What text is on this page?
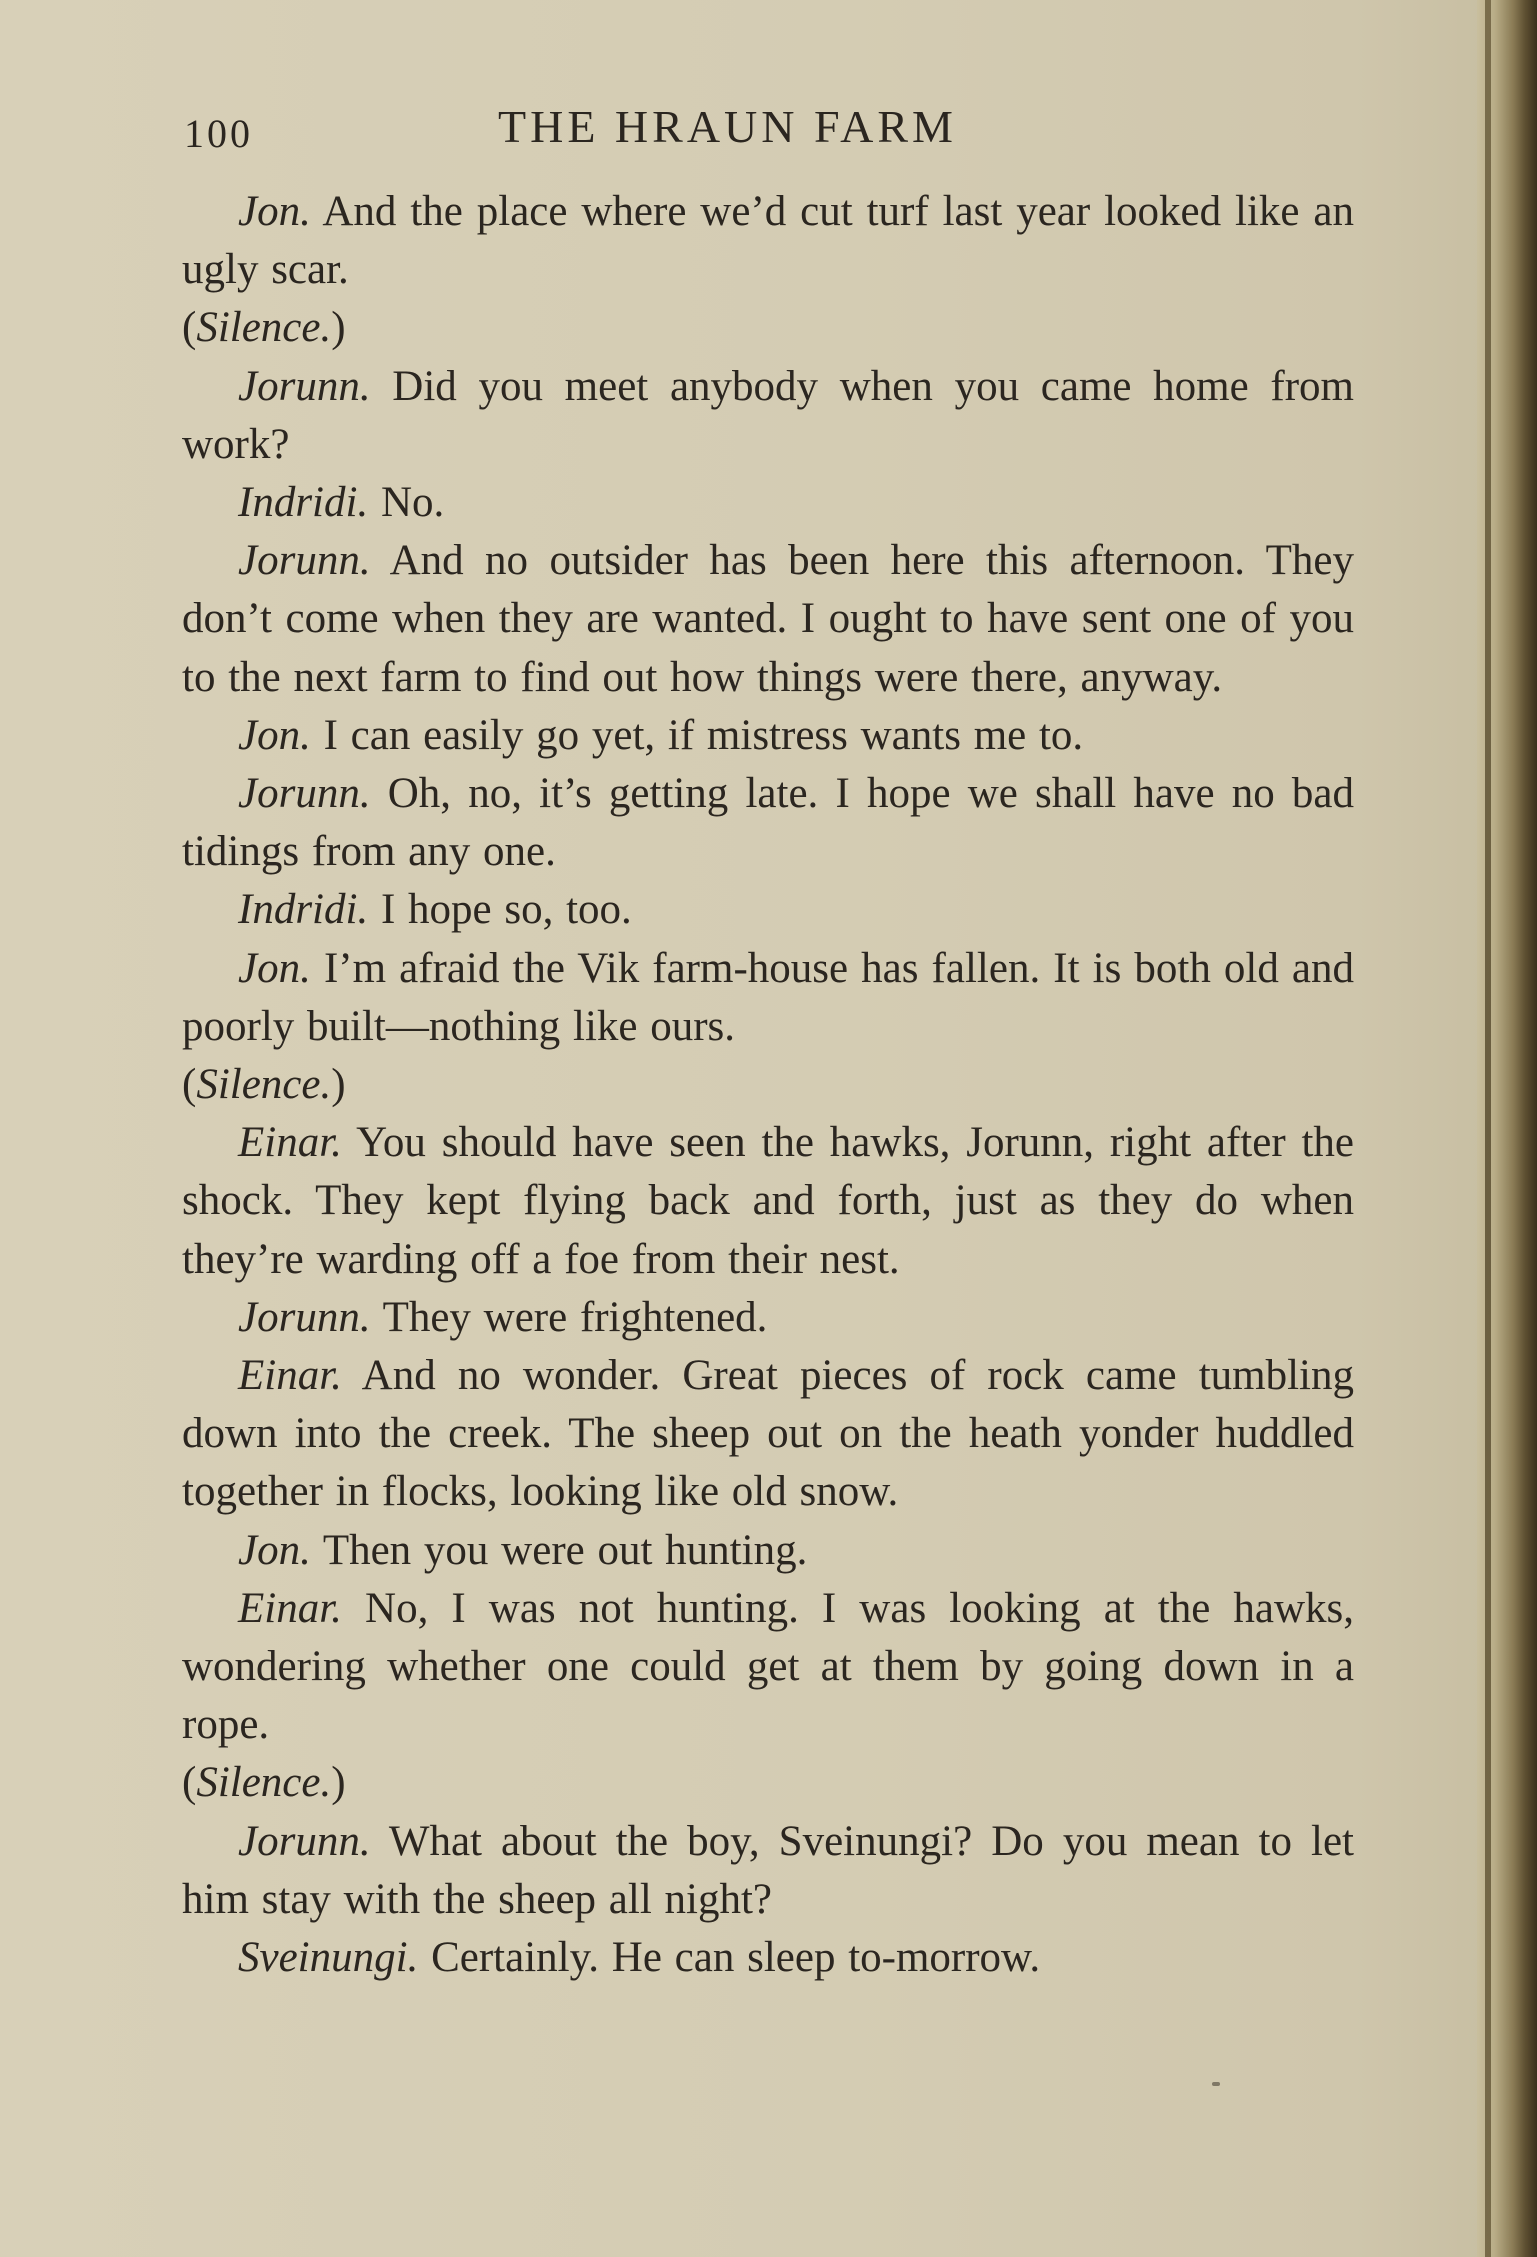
100	THE HRAUN FARM

Jon. And the place where we’d cut turf last year looked like an ugly scar.

(Silence.)

Jorunn. Did you meet anybody when you came home from work?

Indridi. No.

Jorunn. And no outsider has been here this afternoon. They don’t come when they are wanted. I ought to have sent one of you to the next farm to find out how things were there, anyway.

Jon. I can easily go yet, if mistress wants me to.

Jorunn. Oh, no, it’s getting late. I hope we shall have no bad tidings from any one.

Indridi. I hope so, too.

Jon. I’m afraid the Vik farm-house has fallen. It is both old and poorly built—nothing like ours.

(Silence.)

Einar. You should have seen the hawks, Jorunn, right after the shock. They kept flying back and forth, just as they do when they’re warding off a foe from their nest.

Jorunn. They were frightened.

Einar. And no wonder. Great pieces of rock came tumbling down into the creek. The sheep out on the heath yonder huddled together in flocks, looking like old snow.

Jon. Then you were out hunting.

Einar. No, I was not hunting. I was looking at the hawks, wondering whether one could get at them by going down in a rope.

(Silence.)

Jorunn. What about the boy, Sveinungi? Do you mean to let him stay with the sheep all night?

Sveinungi. Certainly. He can sleep to-morrow.
